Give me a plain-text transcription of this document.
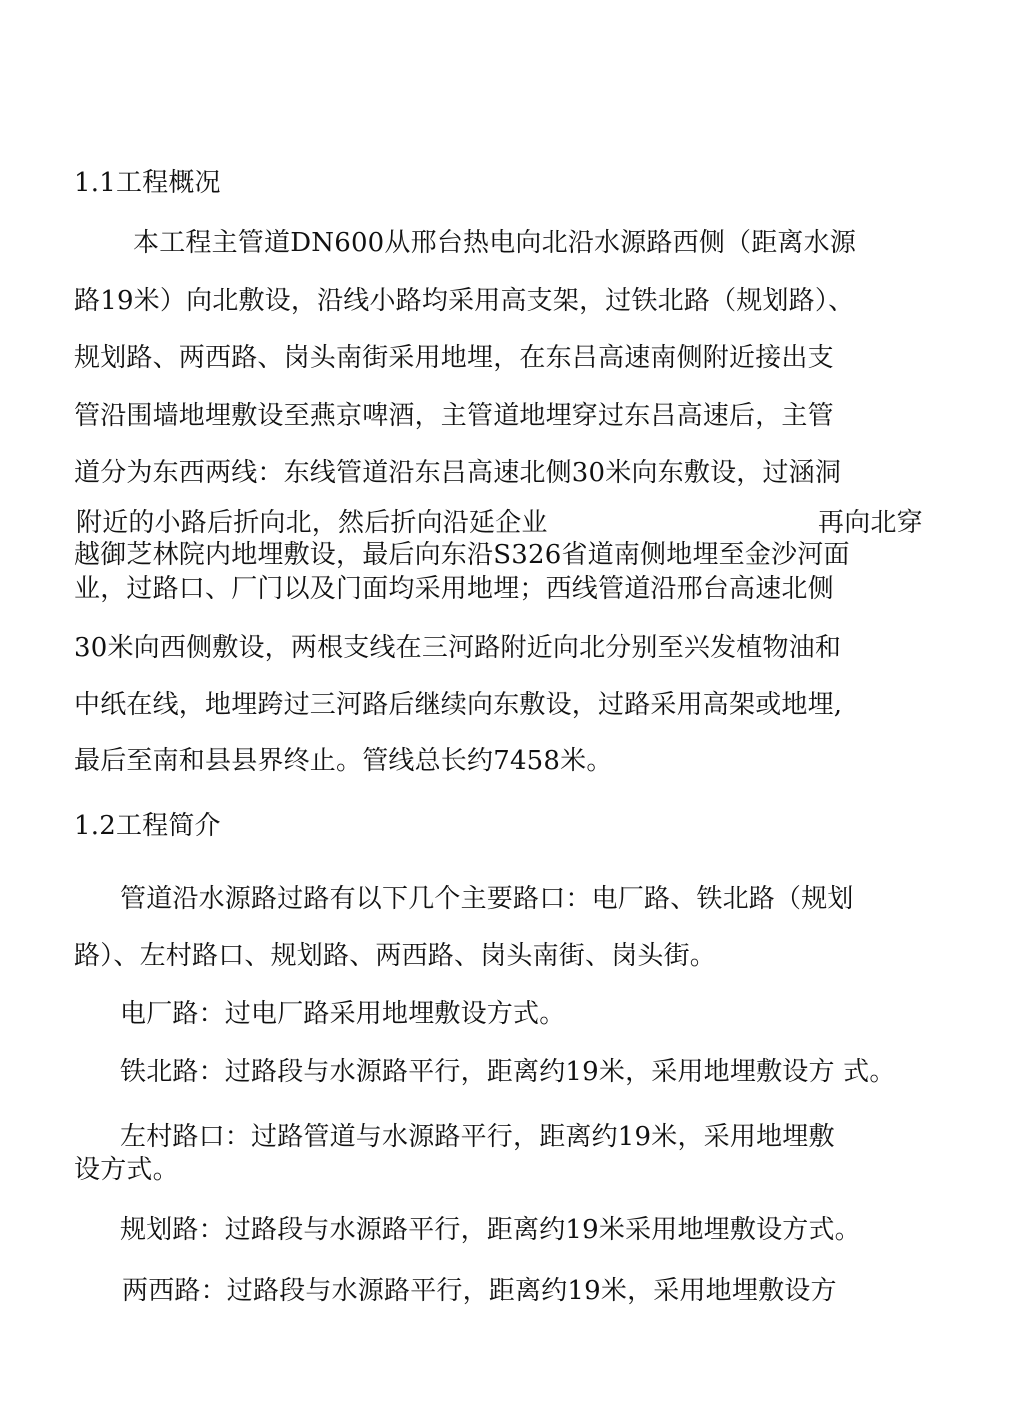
1.1工程概况
本工程主管道DN600从邢台热电向北沿水源路西侧（距离水源
路19米）向北敷设，沿线小路均采用高支架，过铁北路（规划路）、
规划路、两西路、岗头南街采用地埋，在东吕高速南侧附近接出支
管沿围墙地埋敷设至燕京啤酒，主管道地埋穿过东吕高速后，主管
道分为东西两线：东线管道沿东吕高速北侧30米向东敷设，过涵洞
附近的小路后折向北，然后折向沿延企业	再向北穿
越御芝林院内地埋敷设，最后向东沿S326省道南侧地埋至金沙河面
业，过路口、厂门以及门面均采用地埋；西线管道沿邢台高速北侧
30米向西侧敷设，两根支线在三河路附近向北分别至兴发植物油和
中纸在线，地埋跨过三河路后继续向东敷设，过路采用高架或地埋,
最后至南和县县界终止。管线总长约7458米。
1.2工程简介
管道沿水源路过路有以下几个主要路口：电厂路、铁北路（规划
路）、左村路口、规划路、两西路、岗头南街、岗头街。
电厂路：过电厂路采用地埋敷设方式。
铁北路：过路段与水源路平行，距离约19米，采用地埋敷设方 式。
左村路口：过路管道与水源路平行，距离约19米，采用地埋敷
设方式。
规划路：过路段与水源路平行，距离约19米采用地埋敷设方式。
两西路：过路段与水源路平行，距离约19米，采用地埋敷设方
